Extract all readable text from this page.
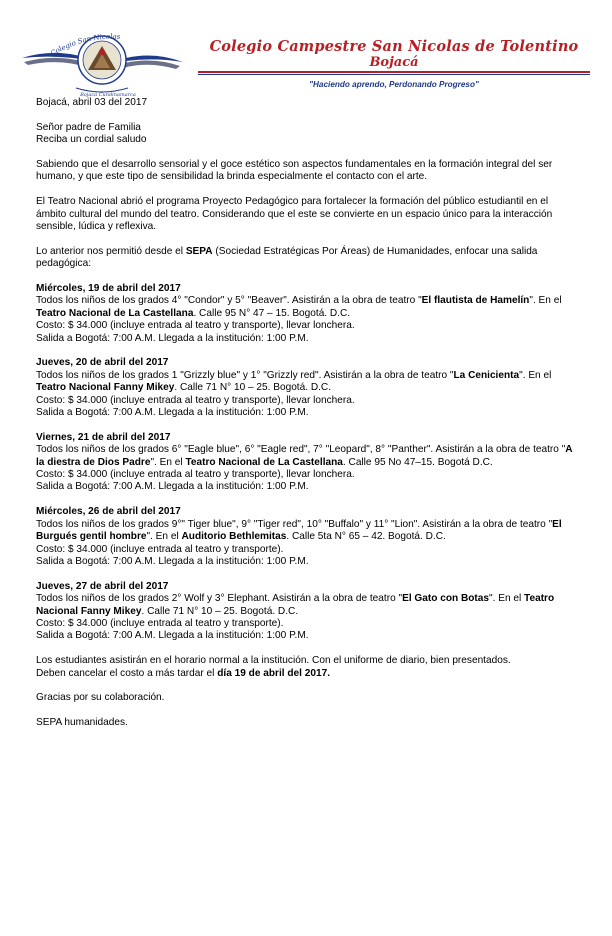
Colegio San Nicolas
Bojacá Cundinamarca
Colegio Campestre San Nicolas de Tolentino
Bojacá
"Haciendo aprendo, Perdonando Progreso"

Bojacá, abril 03 del 2017

Señor padre de Familia

Reciba un cordial saludo

Sabiendo que el desarrollo sensorial y el goce estético son aspectos fundamentales en la formación integral del ser humano, y que este tipo de sensibilidad la brinda especialmente el contacto con el arte.

El Teatro Nacional abrió el programa Proyecto Pedagógico para fortalecer la formación del público estudiantil en el ámbito cultural del mundo del teatro. Considerando que el este se convierte en un espacio único para la interacción sensible, lúdica y reflexiva.

Lo anterior nos permitió desde el SEPA (Sociedad Estratégicas Por Áreas) de Humanidades, enfocar una salida pedagógica:

Miércoles, 19 de abril del 2017

Todos los niños de los grados 4° "Condor" y 5° "Beaver". Asistirán a la obra de teatro "El flautista de Hamelín". En el Teatro Nacional de La Castellana. Calle 95 N° 47 – 15. Bogotá. D.C.

Costo: $ 34.000 (incluye entrada al teatro y transporte), llevar lonchera.

Salida a Bogotá: 7:00 A.M. Llegada a la institución: 1:00 P.M.

Jueves, 20 de abril del 2017

Todos los niños de los grados 1 "Grizzly blue" y 1° "Grizzly red". Asistirán a la obra de teatro "La Cenicienta". En el Teatro Nacional Fanny Mikey. Calle 71 N° 10 – 25. Bogotá. D.C.

Costo: $ 34.000 (incluye entrada al teatro y transporte), llevar lonchera.

Salida a Bogotá: 7:00 A.M. Llegada a la institución: 1:00 P.M.

Viernes, 21 de abril del 2017

Todos los niños de los grados 6° "Eagle blue", 6° "Eagle red", 7° "Leopard", 8° "Panther". Asistirán a la obra de teatro "A la diestra de Dios Padre". En el Teatro Nacional de La Castellana. Calle 95 No 47–15. Bogotá D.C.

Costo: $ 34.000 (incluye entrada al teatro y transporte), llevar lonchera.

Salida a Bogotá: 7:00 A.M. Llegada a la institución: 1:00 P.M.

Miércoles, 26 de abril del 2017

Todos los niños de los grados 9°" Tiger blue", 9° "Tiger red", 10° "Buffalo" y 11° "Lion". Asistirán a la obra de teatro "El Burgués gentil hombre". En el Auditorio Bethlemitas. Calle 5ta N° 65 – 42. Bogotá. D.C.

Costo: $ 34.000 (incluye entrada al teatro y transporte).

Salida a Bogotá: 7:00 A.M. Llegada a la institución: 1:00 P.M.

Jueves, 27 de abril del 2017

Todos los niños de los grados 2° Wolf y 3° Elephant. Asistirán a la obra de teatro "El Gato con Botas". En el Teatro Nacional Fanny Mikey. Calle 71 N° 10 – 25. Bogotá. D.C.

Costo: $ 34.000 (incluye entrada al teatro y transporte).

Salida a Bogotá: 7:00 A.M. Llegada a la institución: 1:00 P.M.

Los estudiantes asistirán en el horario normal a la institución. Con el uniforme de diario, bien presentados.

Deben cancelar el costo a más tardar el día 19 de abril del 2017.

Gracias por su colaboración.

SEPA humanidades.
